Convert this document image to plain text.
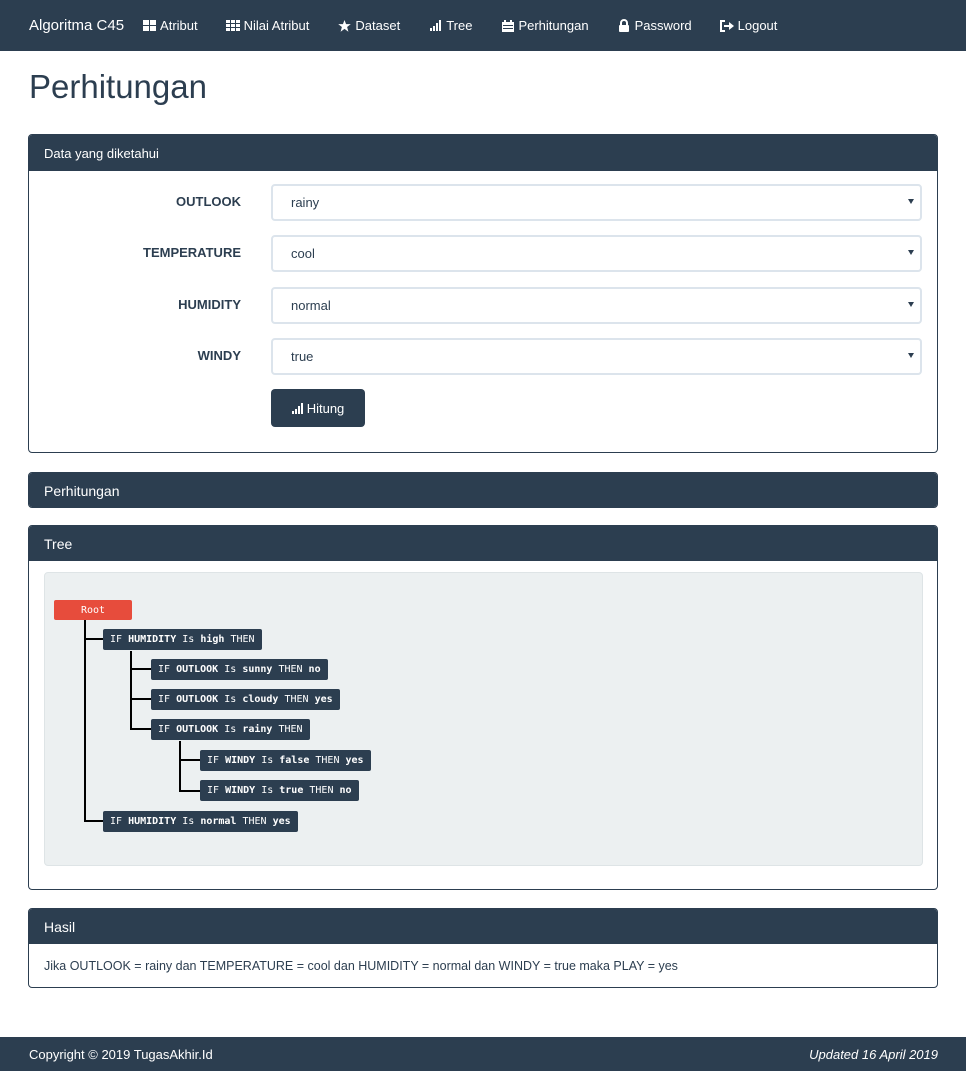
Algoritma C45	Atribut	Nilai Atribut	Dataset	Tree	Perhitungan	Password	Logout
Perhitungan
Data yang diketahui
OUTLOOK	rainy
TEMPERATURE	cool
HUMIDITY	normal
WINDY	true
Hitung
Perhitungan
Tree
Root
IF HUMIDITY Is high THEN
IF OUTLOOK Is sunny THEN no
IF OUTLOOK Is cloudy THEN yes
IF OUTLOOK Is rainy THEN
IF WINDY Is false THEN yes
IF WINDY Is true THEN no
IF HUMIDITY Is normal THEN yes
Hasil
Jika OUTLOOK = rainy dan TEMPERATURE = cool dan HUMIDITY = normal dan WINDY = true maka PLAY = yes
Copyright © 2019 TugasAkhir.Id	Updated 16 April 2019
